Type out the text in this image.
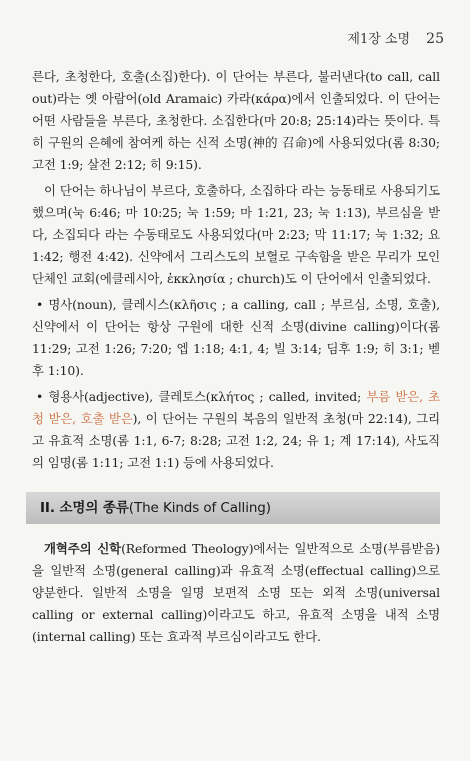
제1장 소명 25

른다, 초청한다, 호출(소집)한다). 이 단어는 부른다, 불러낸다(to call, call out)라는 옛 아람어(old Aramaic) 카라(κάρα)에서 인출되었다. 이 단어는 어떤 사람들을 부른다, 초청한다. 소집한다(마 20:8; 25:14)라는 뜻이다. 특히 구원의 은혜에 참여케 하는 신적 소명(神的 召命)에 사용되었다(롬 8:30; 고전 1:9; 살전 2:12; 히 9:15).

이 단어는 하나님이 부르다, 호출하다, 소집하다 라는 능동태로 사용되기도 했으며(눅 6:46; 마 10:25; 눅 1:59; 마 1:21, 23; 눅 1:13), 부르심을 받다, 소집되다 라는 수동태로도 사용되었다(마 2:23; 막 11:17; 눅 1:32; 요 1:42; 행전 4:42). 신약에서 그리스도의 보혈로 구속함을 받은 무리가 모인 단체인 교회(에클레시아, ἐκκλησία ; church)도 이 단어에서 인출되었다.

• 명사(noun), 클레시스(κλῆσις ; a calling, call ; 부르심, 소명, 호출), 신약에서 이 단어는 항상 구원에 대한 신적 소명(divine calling)이다(롬 11:29; 고전 1:26; 7:20; 엡 1:18; 4:1, 4; 빌 3:14; 딤후 1:9; 히 3:1; 벧후 1:10).

• 형용사(adjective), 클레토스(κλήτος ; called, invited; 부름 받은, 초청 받은, 호출 받은), 이 단어는 구원의 복음의 일반적 초청(마 22:14), 그리고 유효적 소명(롬 1:1, 6-7; 8:28; 고전 1:2, 24; 유 1; 계 17:14), 사도직의 임명(롬 1:11; 고전 1:1) 등에 사용되었다.

II. 소명의 종류 (The Kinds of Calling)

개혁주의 신학(Reformed Theology)에서는 일반적으로 소명(부름받음)을 일반적 소명(general calling)과 유효적 소명(effectual calling)으로 양분한다. 일반적 소명을 일명 보편적 소명 또는 외적 소명(universal calling or external calling)이라고도 하고, 유효적 소명을 내적 소명(internal calling) 또는 효과적 부르심이라고도 한다.
